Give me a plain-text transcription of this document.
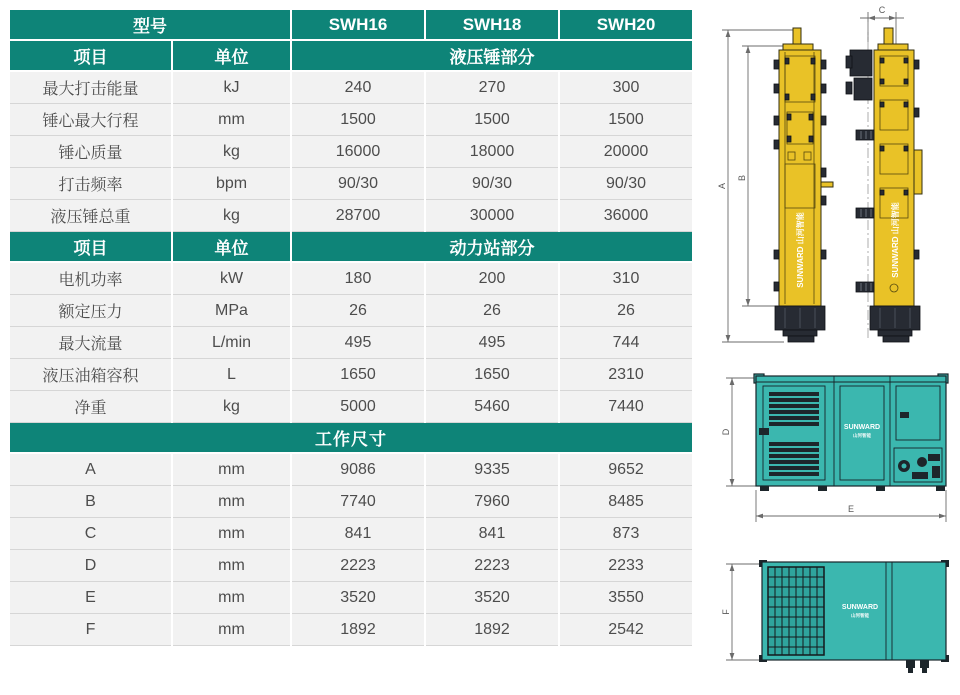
型号		SWH16	SWH18	SWH20
项目	单位	液压锤部分		
最大打击能量	kJ	240	270	300
锤心最大行程	mm	1500	1500	1500
锤心质量	kg	16000	18000	20000
打击频率	bpm	90/30	90/30	90/30
液压锤总重	kg	28700	30000	36000
项目	单位	动力站部分		
电机功率	kW	180	200	310
额定压力	MPa	26	26	26
最大流量	L/min	495	495	744
液压油箱容积	L	1650	1650	2310
净重	kg	5000	5460	7440
工作尺寸				
A	mm	9086	9335	9652
B	mm	7740	7960	8485
C	mm	841	841	873
D	mm	2223	2223	2233
E	mm	3520	3520	3550
F	mm	1892	1892	2542
A
B
SUNWARD 山河智能
C
SUNWARD 山河智能
D
E
SUNWARD
山河智能
F
SUNWARD
山河智能
